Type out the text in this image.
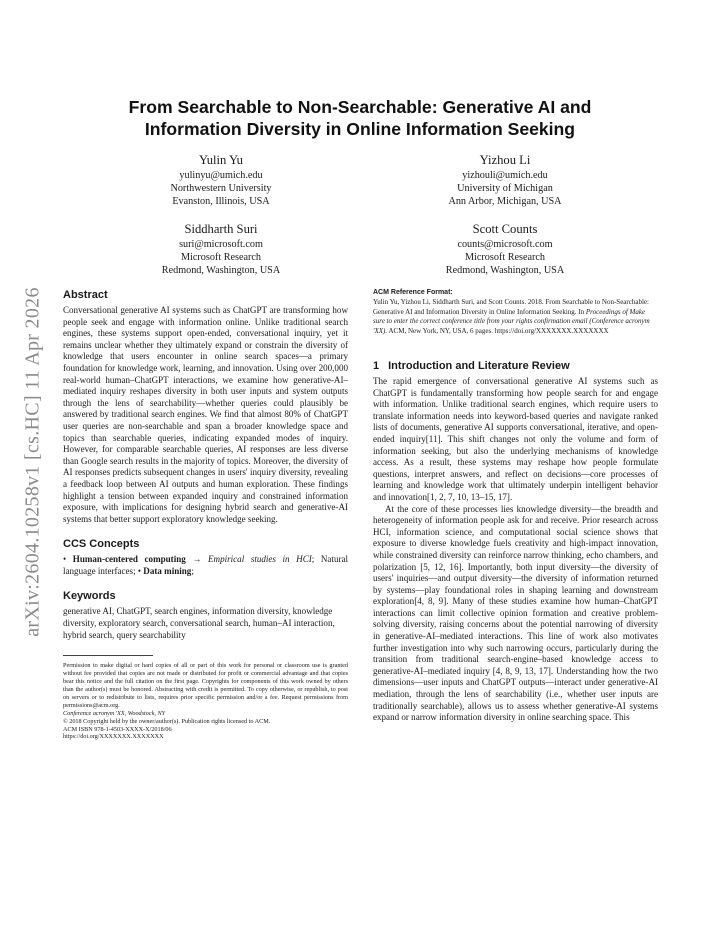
arXiv:2604.10258v1 [cs.HC] 11 Apr 2026
From Searchable to Non-Searchable: Generative AI and
Information Diversity in Online Information Seeking
Yulin Yu
yulinyu@umich.edu
Northwestern University
Evanston, Illinois, USA
Yizhou Li
yizhouli@umich.edu
University of Michigan
Ann Arbor, Michigan, USA
Siddharth Suri
suri@microsoft.com
Microsoft Research
Redmond, Washington, USA
Scott Counts
counts@microsoft.com
Microsoft Research
Redmond, Washington, USA
Abstract

Conversational generative AI systems such as ChatGPT are transforming how people seek and engage with information online. Unlike traditional search engines, these systems support open-ended, conversational inquiry, yet it remains unclear whether they ultimately expand or constrain the diversity of knowledge that users encounter in online search spaces—a primary foundation for knowledge work, learning, and innovation. Using over 200,000 real-world human–ChatGPT interactions, we examine how generative-AI–mediated inquiry reshapes diversity in both user inputs and system outputs through the lens of searchability—whether queries could plausibly be answered by traditional search engines. We find that almost 80% of ChatGPT user queries are non-searchable and span a broader knowledge space and topics than searchable queries, indicating expanded modes of inquiry. However, for comparable searchable queries, AI responses are less diverse than Google search results in the majority of topics. Moreover, the diversity of AI responses predicts subsequent changes in users' inquiry diversity, revealing a feedback loop between AI outputs and human exploration. These findings highlight a tension between expanded inquiry and constrained information exposure, with implications for designing hybrid search and generative-AI systems that better support exploratory knowledge seeking.

CCS Concepts

• Human-centered computing → Empirical studies in HCI; Natural language interfaces; • Data mining;

Keywords

generative AI, ChatGPT, search engines, information diversity, knowledge diversity, exploratory search, conversational search, human–AI interaction, hybrid search, query searchability

Permission to make digital or hard copies of all or part of this work for personal or classroom use is granted without fee provided that copies are not made or distributed for profit or commercial advantage and that copies bear this notice and the full citation on the first page. Copyrights for components of this work owned by others than the author(s) must be honored. Abstracting with credit is permitted. To copy otherwise, or republish, to post on servers or to redistribute to lists, requires prior specific permission and/or a fee. Request permissions from permissions@acm.org.

Conference acronym 'XX, Woodstock, NY

© 2018 Copyright held by the owner/author(s). Publication rights licensed to ACM.

ACM ISBN 978-1-4503-XXXX-X/2018/06

https://doi.org/XXXXXXX.XXXXXXX

ACM Reference Format:

Yulin Yu, Yizhou Li, Siddharth Suri, and Scott Counts. 2018. From Searchable to Non-Searchable: Generative AI and Information Diversity in Online Information Seeking. In Proceedings of Make sure to enter the correct conference title from your rights confirmation email (Conference acronym 'XX). ACM, New York, NY, USA, 6 pages. https://doi.org/XXXXXXX.XXXXXXX

1 Introduction and Literature Review

The rapid emergence of conversational generative AI systems such as ChatGPT is fundamentally transforming how people search for and engage with information. Unlike traditional search engines, which require users to translate information needs into keyword-based queries and navigate ranked lists of documents, generative AI supports conversational, iterative, and open-ended inquiry[11]. This shift changes not only the volume and form of information seeking, but also the underlying mechanisms of knowledge access. As a result, these systems may reshape how people formulate questions, interpret answers, and reflect on decisions—core processes of learning and knowledge work that ultimately underpin intelligent behavior and innovation[1, 2, 7, 10, 13–15, 17].

At the core of these processes lies knowledge diversity—the breadth and heterogeneity of information people ask for and receive. Prior research across HCI, information science, and computational social science shows that exposure to diverse knowledge fuels creativity and high-impact innovation, while constrained diversity can reinforce narrow thinking, echo chambers, and polarization [5, 12, 16]. Importantly, both input diversity—the diversity of users' inquiries—and output diversity—the diversity of information returned by systems—play foundational roles in shaping learning and downstream exploration[4, 8, 9]. Many of these studies examine how human–ChatGPT interactions can limit collective opinion formation and creative problem-solving diversity, raising concerns about the potential narrowing of diversity in generative-AI–mediated interactions. This line of work also motivates further investigation into why such narrowing occurs, particularly during the transition from traditional search-engine–based knowledge access to generative-AI–mediated inquiry [4, 8, 9, 13, 17]. Understanding how the two dimensions—user inputs and ChatGPT outputs—interact under generative-AI mediation, through the lens of searchability (i.e., whether user inputs are traditionally searchable), allows us to assess whether generative-AI systems expand or narrow information diversity in online searching space. This
